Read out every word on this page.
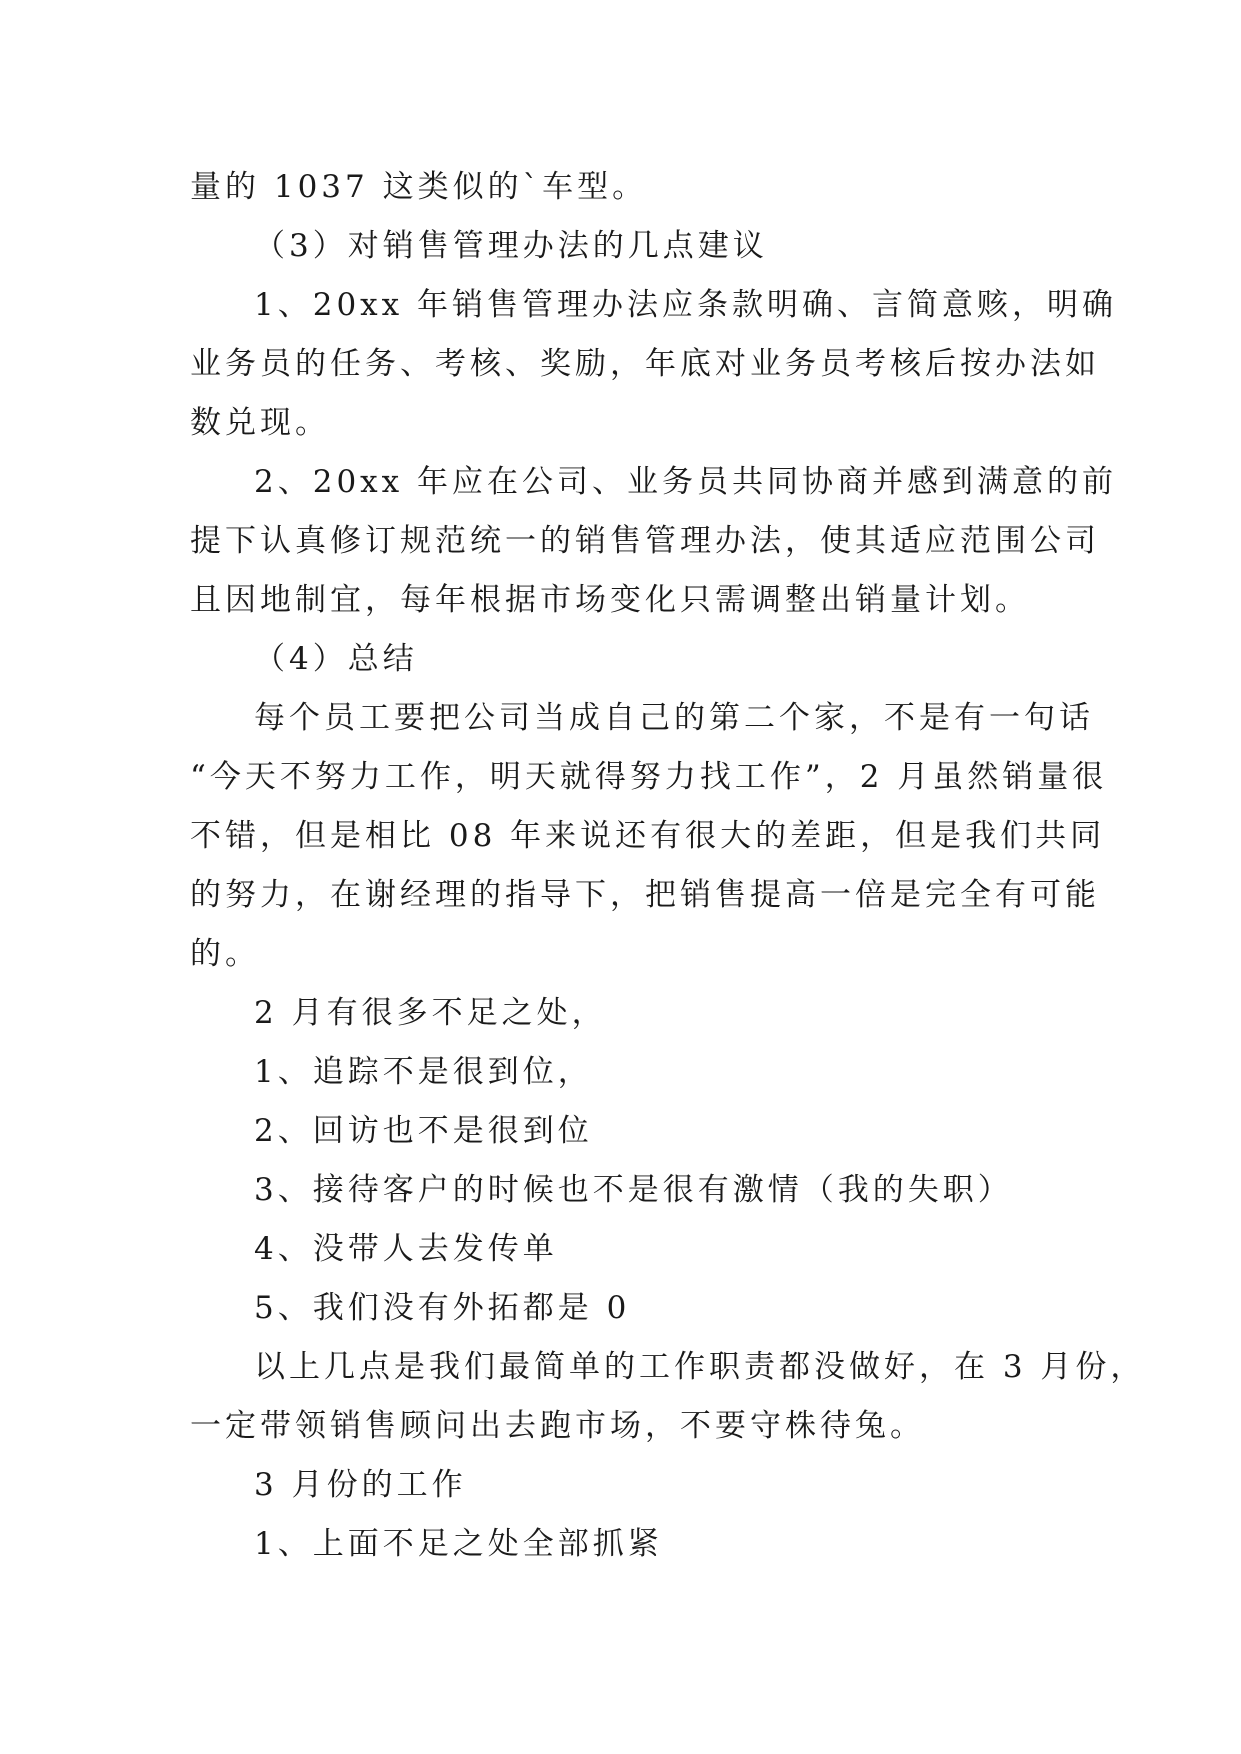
量的 1037 这类似的`车型。
（3）对销售管理办法的几点建议
1、20xx 年销售管理办法应条款明确、言简意赅，明确
业务员的任务、考核、奖励，年底对业务员考核后按办法如
数兑现。
2、20xx 年应在公司、业务员共同协商并感到满意的前
提下认真修订规范统一的销售管理办法，使其适应范围公司
且因地制宜，每年根据市场变化只需调整出销量计划。
（4）总结
每个员工要把公司当成自己的第二个家，不是有一句话
“今天不努力工作，明天就得努力找工作”，2 月虽然销量很
不错，但是相比 08 年来说还有很大的差距，但是我们共同
的努力，在谢经理的指导下，把销售提高一倍是完全有可能
的。
2 月有很多不足之处，
1、追踪不是很到位，
2、回访也不是很到位
3、接待客户的时候也不是很有激情（我的失职）
4、没带人去发传单
5、我们没有外拓都是 0
以上几点是我们最简单的工作职责都没做好，在 3 月份，
一定带领销售顾问出去跑市场，不要守株待兔。
3 月份的工作
1、上面不足之处全部抓紧
